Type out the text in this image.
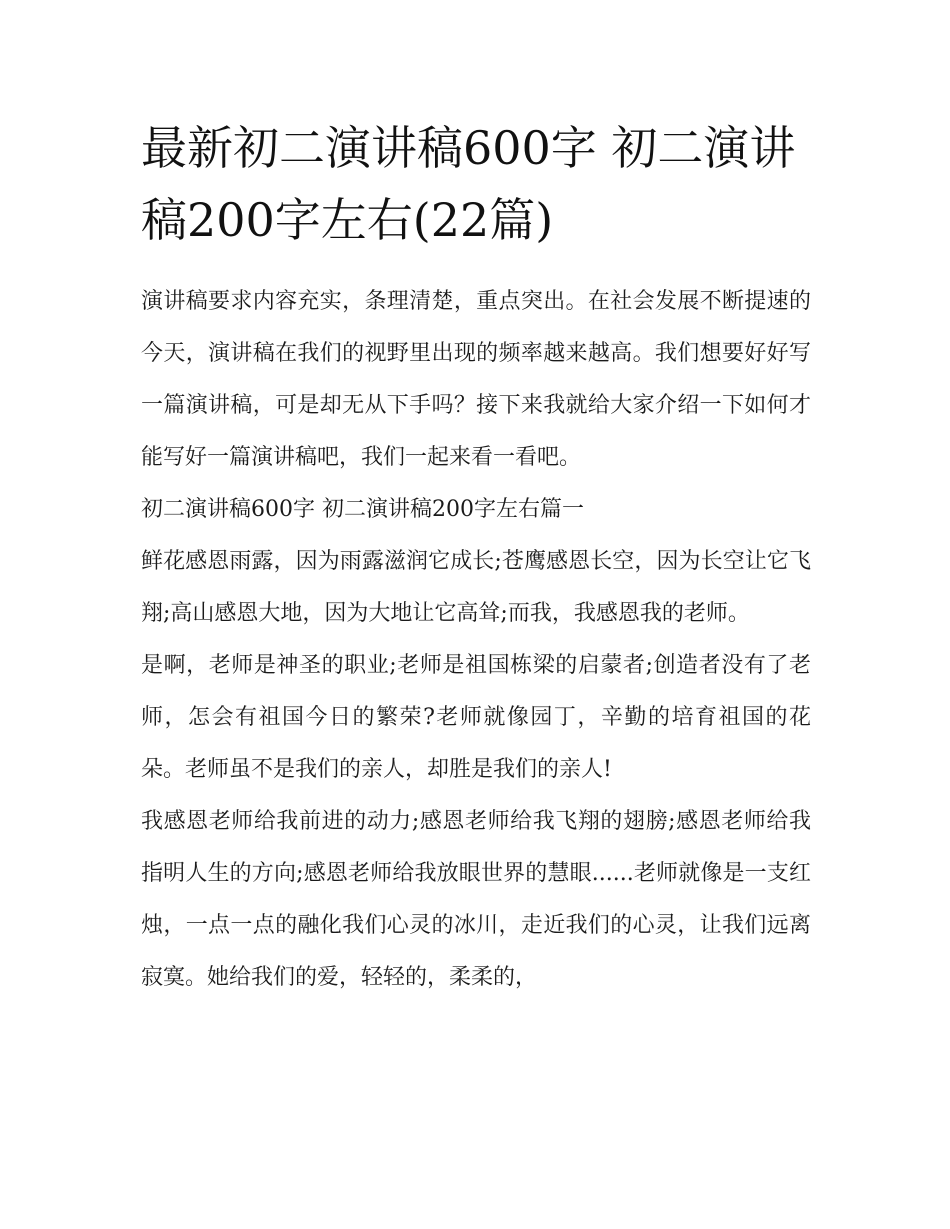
最新初二演讲稿600字 初二演讲稿200字左右(22篇)

演讲稿要求内容充实，条理清楚，重点突出。在社会发展不断提速的今天，演讲稿在我们的视野里出现的频率越来越高。我们想要好好写一篇演讲稿，可是却无从下手吗？接下来我就给大家介绍一下如何才能写好一篇演讲稿吧，我们一起来看一看吧。

初二演讲稿600字 初二演讲稿200字左右篇一

鲜花感恩雨露，因为雨露滋润它成长;苍鹰感恩长空，因为长空让它飞翔;高山感恩大地，因为大地让它高耸;而我，我感恩我的老师。

是啊，老师是神圣的职业;老师是祖国栋梁的启蒙者;创造者没有了老师，怎会有祖国今日的繁荣?老师就像园丁，辛勤的培育祖国的花朵。老师虽不是我们的亲人，却胜是我们的亲人!

我感恩老师给我前进的动力;感恩老师给我飞翔的翅膀;感恩老师给我指明人生的方向;感恩老师给我放眼世界的慧眼......老师就像是一支红烛，一点一点的融化我们心灵的冰川，走近我们的心灵，让我们远离寂寞。她给我们的爱，轻轻的，柔柔的，
